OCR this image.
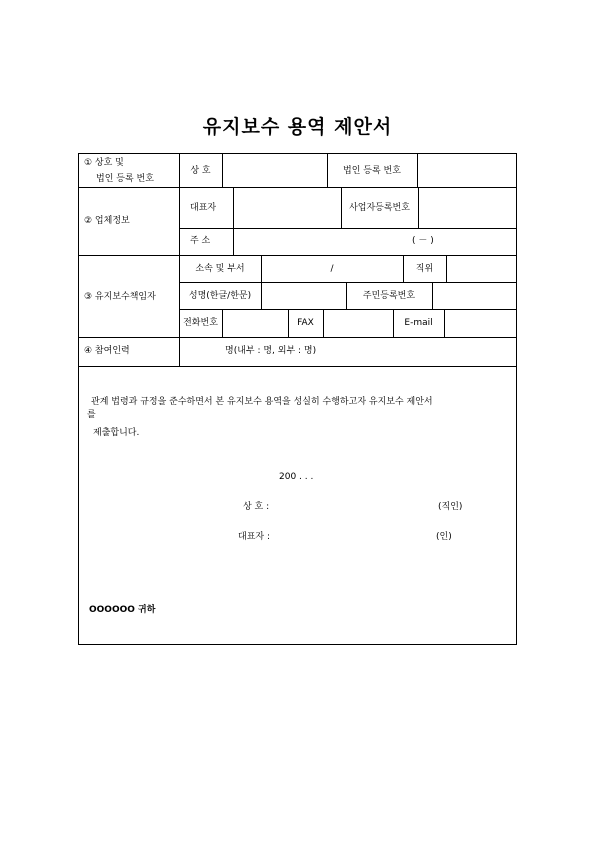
유지보수 용역 제안서
① 상호 및
법인 등록 번호
상 호	법인 등록 번호
② 업체정보
대표자	사업자등록번호
주 소	( － )
③ 유지보수책임자
소속 및 부서	/	직위
성명(한글/한문)	주민등록번호
전화번호	FAX	E-mail
④ 참여인력	명(내부 : 명, 외부 : 명)
관계 법령과 규정을 준수하면서 본 유지보수 용역을 성실히 수행하고자 유지보수 제안서
를
제출합니다.
200 . . .
상 호 :	(직인)
대표자 :	(인)
OOOOOO 귀하
